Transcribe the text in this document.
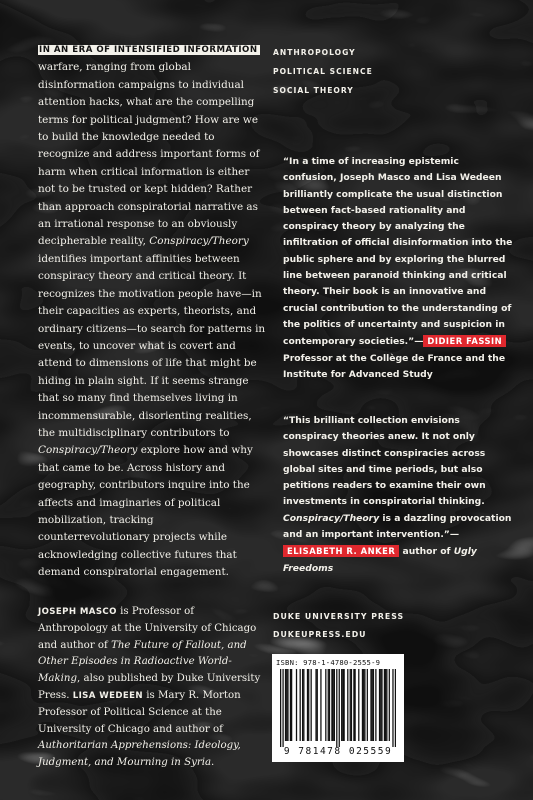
IN AN ERA OF INTENSIFIED INFORMATION warfare, ranging from global disinformation campaigns to individual attention hacks, what are the compelling terms for political judgment? How are we to build the knowledge needed to recognize and address important forms of harm when critical information is either not to be trusted or kept hidden? Rather than approach conspiratorial narrative as an irrational response to an obviously decipherable reality, Conspiracy/Theory identifies important affinities between conspiracy theory and critical theory. It recognizes the motivation people have—in their capacities as experts, theorists, and ordinary citizens—to search for patterns in events, to uncover what is covert and attend to dimensions of life that might be hiding in plain sight. If it seems strange that so many find themselves living in incommensurable, disorienting realities, the multidisciplinary contributors to Conspiracy/Theory explore how and why that came to be. Across history and geography, contributors inquire into the affects and imaginaries of political mobilization, tracking counterrevolutionary projects while acknowledging collective futures that demand conspiratorial engagement.

ANTHROPOLOGY
POLITICAL SCIENCE
SOCIAL THEORY

“In a time of increasing epistemic confusion, Joseph Masco and Lisa Wedeen brilliantly complicate the usual distinction between fact-based rationality and conspiracy theory by analyzing the infiltration of official disinformation into the public sphere and by exploring the blurred line between paranoid thinking and critical theory. Their book is an innovative and crucial contribution to the understanding of the politics of uncertainty and suspicion in contemporary societies.”— DIDIER FASSIN Professor at the Collège de France and the Institute for Advanced Study

“This brilliant collection envisions conspiracy theories anew. It not only showcases distinct conspiracies across global sites and time periods, but also petitions readers to examine their own investments in conspiratorial thinking. Conspiracy/Theory is a dazzling provocation and an important intervention.”—ELISABETH R. ANKER author of Ugly Freedoms

JOSEPH MASCO is Professor of Anthropology at the University of Chicago and author of The Future of Fallout, and Other Episodes in Radioactive World-Making, also published by Duke University Press. LISA WEDEEN is Mary R. Morton Professor of Political Science at the University of Chicago and author of Authoritarian Apprehensions: Ideology, Judgment, and Mourning in Syria.

DUKE UNIVERSITY PRESS
DUKEUPRESS.EDU
ISBN: 978-1-4780-2555-9
9 781478 025559
